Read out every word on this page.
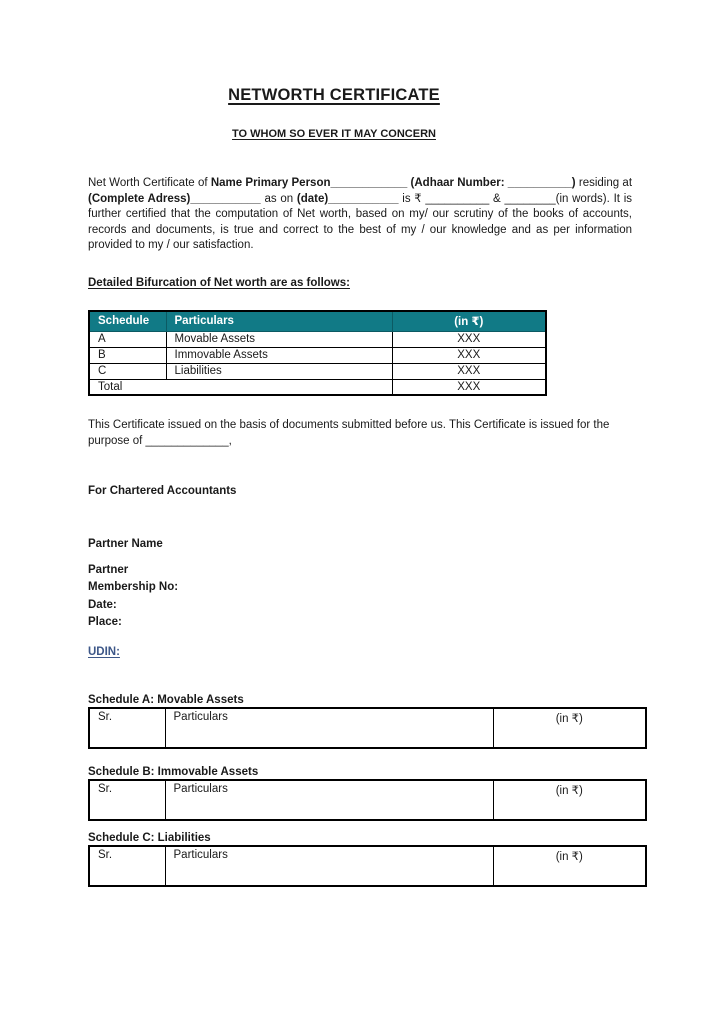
NETWORTH CERTIFICATE
TO WHOM SO EVER IT MAY CONCERN
Net Worth Certificate of Name Primary Person____________ (Adhaar Number: __________) residing at (Complete Adress)___________ as on (date)___________ is ₹ __________ & ________(in words). It is further certified that the computation of Net worth, based on my/ our scrutiny of the books of accounts, records and documents, is true and correct to the best of my / our knowledge and as per information provided to my / our satisfaction.
Detailed Bifurcation of Net worth are as follows:
Schedule	Particulars	(in ₹)
A	Movable Assets	XXX
B	Immovable Assets	XXX
C	Liabilities	XXX
Total		XXX
This Certificate issued on the basis of documents submitted before us. This Certificate is issued for the purpose of _____________,
For Chartered Accountants
Partner Name
Partner
Membership No:
Date:
Place:
UDIN:
Schedule A: Movable Assets
Sr.	Particulars	(in ₹)
Schedule B: Immovable Assets
Sr.	Particulars	(in ₹)
Schedule C: Liabilities
Sr.	Particulars	(in ₹)
